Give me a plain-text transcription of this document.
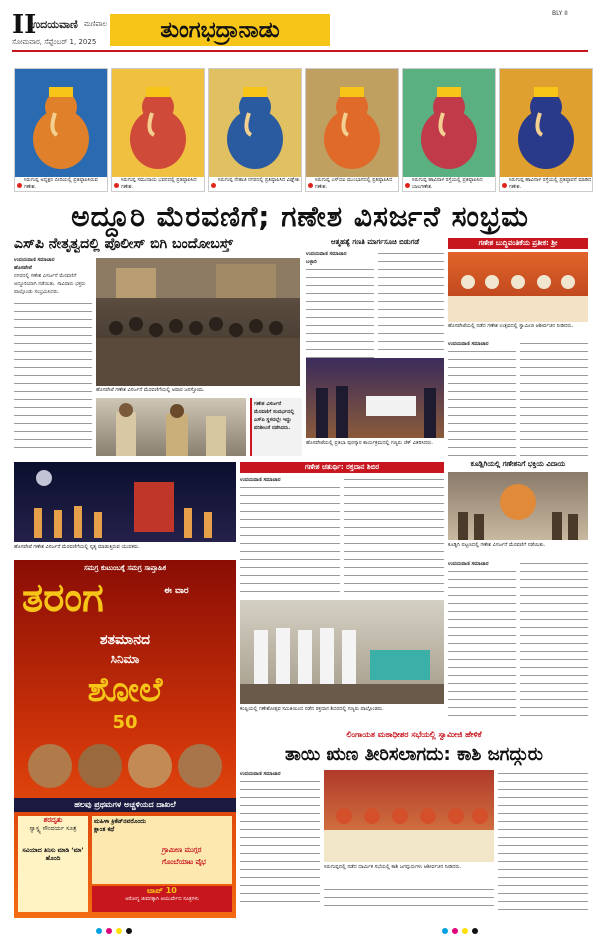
II
ಉದಯವಾಣಿ ಮಣಿಪಾಲ
ಸೋಮವಾರ, ಸೆಪ್ಟೆಂಬರ್ 1, 2025
BLY II
ತುಂಗಭದ್ರಾನಾಡು
ಸಿರುಗುಪ್ಪ ಅಧ್ಯಕ್ಷರ ಬೀದಿಯಲ್ಲಿ ಪ್ರತಿಷ್ಠಾಪಿಸಿರುವ ಗಣೇಶ.
ಸಿರುಗುಪ್ಪ ಸಮುದಾಯ ಭವನದಲ್ಲಿ ಪ್ರತಿಷ್ಠಾಪಿಸಿದ ಗಣೇಶ.
ಸಿರುಗುಪ್ಪ ನೇತಾಜಿ ನಗರದಲ್ಲಿ ಪ್ರತಿಷ್ಠಾಪಿಸಿದ ವಿಘ್ನೇಶ.	ಸಿರುಗುಪ್ಪ ಎಸ್‌ಬಿಐ ಮುಂಭಾಗದಲ್ಲಿ ಪ್ರತಿಷ್ಠಾಪಿಸಿದ ಗಣೇಶ.
ಸಿರುಗುಪ್ಪ ಹಾವಿನಾಳ ರಸ್ತೆಯಲ್ಲಿ ಪ್ರತಿಷ್ಠಾಪಿಸಿದ ಬಾಲಗಣೇಶ.
ಸಿರುಗುಪ್ಪ ಹಾವಿನಾಳ ರಸ್ತೆಯಲ್ಲಿ ಪ್ರತಿಷ್ಠಾಪನೆ ಮಾಡಿದ ಗಣೇಶ.
ಅದ್ದೂರಿ ಮೆರವಣಿಗೆ; ಗಣೇಶ ವಿಸರ್ಜನೆ ಸಂಭ್ರಮ
ಎಸ್‌ಪಿ ನೇತೃತ್ವದಲ್ಲಿ ಪೊಲೀಸ್ ಬಿಗಿ ಬಂದೋಬಸ್ತ್
ಉದಯವಾಣಿ ಸಮಾಚಾರ
ಹೊಸಪೇಟೆ
ನಗರದಲ್ಲಿ ಗಣೇಶ ವಿಸರ್ಜನೆ ಮೆರವಣಿಗೆ ಅದ್ದೂರಿಯಾಗಿ ನಡೆಯಿತು. ಸಾವಿರಾರು ಭಕ್ತರು ಪಾಲ್ಗೊಂಡು ಸಂಭ್ರಮಿಸಿದರು.
ಹೊಸಪೇಟೆ ಗಣೇಶ ವಿಸರ್ಜನೆ ಮೆರವಣಿಗೆಯಲ್ಲಿ ಅಪಾರ ಜನಸ್ತೋಮ.
ಗಣೇಶ ವಿಸರ್ಜನೆ ಮೆರವಣಿಗೆ ಸಂದರ್ಭದಲ್ಲಿ ಎಸ್‌ಪಿ ಸ್ಥಳದಲ್ಲೇ ಇದ್ದು ಪರಿಶೀಲನೆ ನಡೆಸಿದರು.
ಹೊಸಪೇಟೆ ಗಣೇಶ ವಿಸರ್ಜನೆ ಮೆರವಣಿಗೆಯಲ್ಲಿ ನೃತ್ಯ ಮಾಡುತ್ತಿರುವ ಯುವಕರು.
ಆತ್ಮಹತ್ಯೆ ಗಣತಿ ಮಾರ್ಗಸೂಚಿ ಬಿಡುಗಡೆ
ಉದಯವಾಣಿ ಸಮಾಚಾರ
ಬಳ್ಳಾರಿ
ಹೊಸಪೇಟೆಯಲ್ಲಿ ಪ್ರತಿಭಾ ಪುರಸ್ಕಾರ ಕಾರ್ಯಕ್ರಮದಲ್ಲಿ ಗಣ್ಯರು ಚೆಕ್ ವಿತರಿಸಿದರು.
ಗಣೇಶ ಬುದ್ಧಿವಂತಿಕೆಯ ಪ್ರತೀಕ: ಶ್ರೀ
ಹೊಸಪೇಟೆಯಲ್ಲಿ ನಡೆದ ಗಣೇಶ ಉತ್ಸವದಲ್ಲಿ ಸ್ವಾಮೀಜಿ ಆಶೀರ್ವಚನ ನೀಡಿದರು.
ಉದಯವಾಣಿ ಸಮಾಚಾರ
ಕೂಡ್ಲಿಗಿಯಲ್ಲಿ ಗಣೇಶನಿಗೆ ಭಕ್ತಿಯ ವಿದಾಯ
ಕೂಡ್ಲಿಗಿ ಪಟ್ಟಣದಲ್ಲಿ ಗಣೇಶ ವಿಸರ್ಜನೆ ಮೆರವಣಿಗೆ ನಡೆಯಿತು.
ಉದಯವಾಣಿ ಸಮಾಚಾರ
ಗಣೇಶ ಚತುರ್ಥಿ: ರಕ್ತದಾನ ಶಿಬಿರ
ಉದಯವಾಣಿ ಸಮಾಚಾರ
ಕಂಪ್ಲಿಯಲ್ಲಿ ಗಣೇಶೋತ್ಸವ ಸಮಿತಿಯಿಂದ ನಡೆದ ರಕ್ತದಾನ ಶಿಬಿರದಲ್ಲಿ ಗಣ್ಯರು ಪಾಲ್ಗೊಂಡರು.
ಸಮಗ್ರ ಕುಟುಂಬಕ್ಕೆ ಸಮಗ್ರ ಸಾಪ್ತಾಹಿಕ
ತರಂಗ	ಈ ವಾರ
ಶತಮಾನದ
ಸಿನಿಮಾ
ಶೋಲೆ
50
ಹಲವು ಪ್ರಥಮಗಳ ಅಚ್ಚಳಿಯದ ದಾಖಲೆ
ಶರದೃತು
ಸ್ವಾಸ್ಥ್ಯ ಸೌಂದರ್ಯ ಸೂತ್ರ
ಸವಿಯಾದ ತಿನಿಸು ಮಾಡಿ ‘ಮಾ’ ಹೊಂದಿ
ಮಹಿಳಾ ಕ್ರಿಕೆಟ್‌ನವರೊಂದು ಕ್ಲಾಂತ ಕಥೆ
ಗ್ರಾಮೀಣ ಮುಗ್ಗರ
ಗೊಂಬೆಯಾಟ ವೈಭ
ಟಾಪ್ 10
ಆರೋಗ್ಯ ಜೀವನಕ್ಕಾಗಿ ಆಯುರ್ವೇದ ಸೂತ್ರಗಳು
ಲಿಂಗಾಯತ ಮಠಾಧೀಶರ ಸಭೆಯಲ್ಲಿ ಸ್ವಾಮೀಜಿ ಹೇಳಿಕೆ
ತಾಯಿ ಋಣ ತೀರಿಸಲಾಗದು: ಕಾಶಿ ಜಗದ್ಗುರು
ಉದಯವಾಣಿ ಸಮಾಚಾರ
ಸಿರುಗುಪ್ಪದಲ್ಲಿ ನಡೆದ ಧಾರ್ಮಿಕ ಸಭೆಯಲ್ಲಿ ಕಾಶಿ ಜಗದ್ಗುರುಗಳು ಆಶೀರ್ವಚನ ನೀಡಿದರು.
